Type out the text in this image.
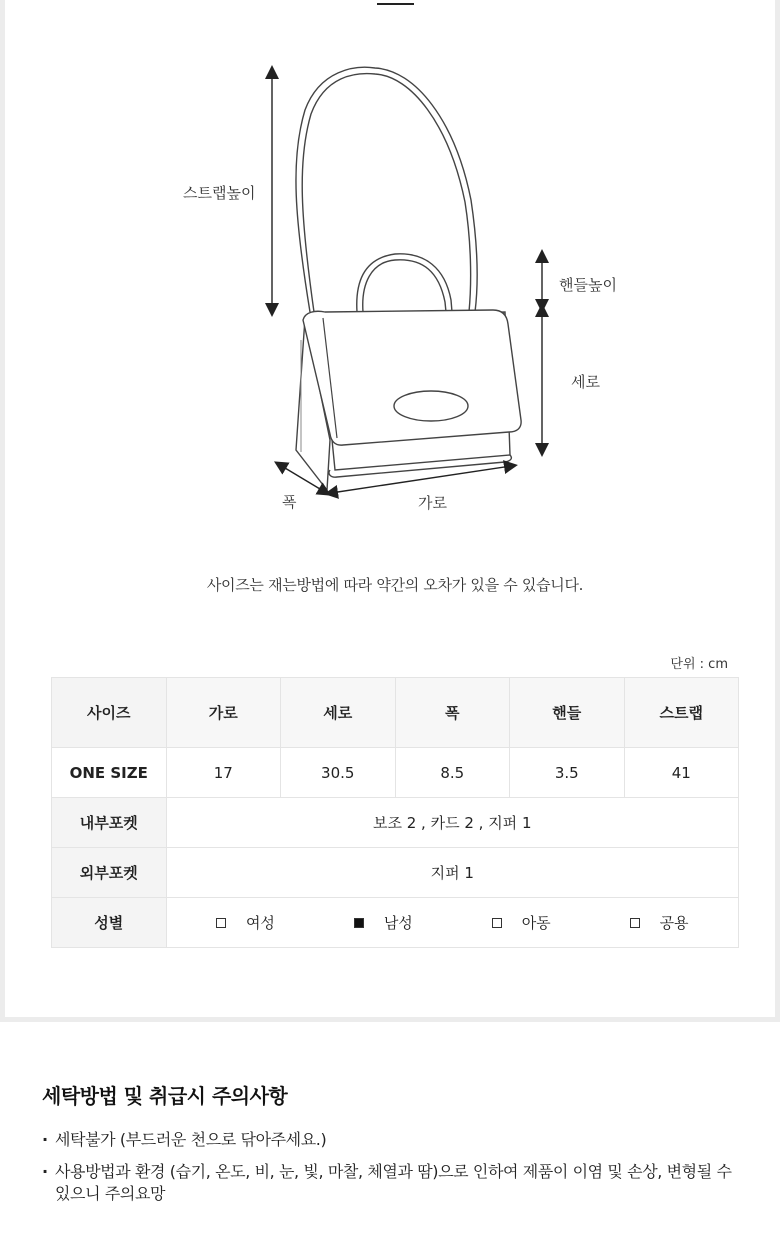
스트랩높이
핸들높이
세로
폭	가로

사이즈는 재는방법에 따라 약간의 오차가 있을 수 있습니다.

단위 : cm
사이즈	가로	세로	폭	핸들	스트랩
ONE SIZE	17	30.5	8.5	3.5	41
내부포켓	보조 2 , 카드 2 , 지퍼 1				
외부포켓	지퍼 1				
성별	여성 남성 아동 공용				
세탁방법 및 취급시 주의사항
· 세탁불가 (부드러운 천으로 닦아주세요.)
· 사용방법과 환경 (습기, 온도, 비, 눈, 빛, 마찰, 체열과 땀)으로 인하여 제품이 이염 및 손상, 변형될 수 있으니 주의요망
